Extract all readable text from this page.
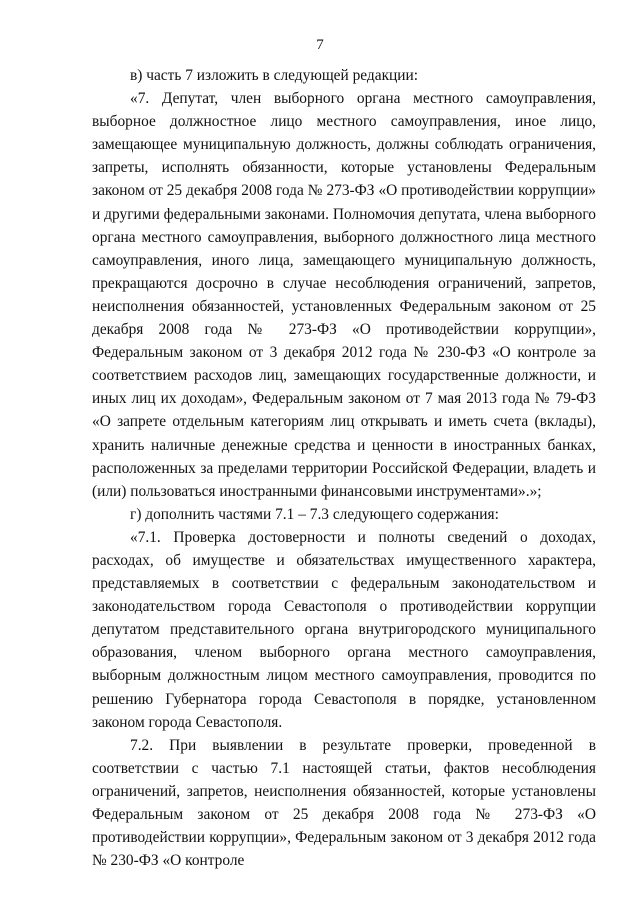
7

в) часть 7 изложить в следующей редакции:

«7. Депутат, член выборного органа местного самоуправления, выборное должностное лицо местного самоуправления, иное лицо, замещающее муниципальную должность, должны соблюдать ограничения, запреты, исполнять обязанности, которые установлены Федеральным законом от 25 декабря 2008 года № 273-ФЗ «О противодействии коррупции» и другими федеральными законами. Полномочия депутата, члена выборного органа местного самоуправления, выборного должностного лица местного самоуправления, иного лица, замещающего муниципальную должность, прекращаются досрочно в случае несоблюдения ограничений, запретов, неисполнения обязанностей, установленных Федеральным законом от 25 декабря 2008 года № 273-ФЗ «О противодействии коррупции», Федеральным законом от 3 декабря 2012 года № 230-ФЗ «О контроле за соответствием расходов лиц, замещающих государственные должности, и иных лиц их доходам», Федеральным законом от 7 мая 2013 года № 79-ФЗ «О запрете отдельным категориям лиц открывать и иметь счета (вклады), хранить наличные денежные средства и ценности в иностранных банках, расположенных за пределами территории Российской Федерации, владеть и (или) пользоваться иностранными финансовыми инструментами».»;

г) дополнить частями 7.1 – 7.3 следующего содержания:

«7.1. Проверка достоверности и полноты сведений о доходах, расходах, об имуществе и обязательствах имущественного характера, представляемых в соответствии с федеральным законодательством и законодательством города Севастополя о противодействии коррупции депутатом представительного органа внутригородского муниципального образования, членом выборного органа местного самоуправления, выборным должностным лицом местного самоуправления, проводится по решению Губернатора города Севастополя в порядке, установленном законом города Севастополя.

7.2. При выявлении в результате проверки, проведенной в соответствии с частью 7.1 настоящей статьи, фактов несоблюдения ограничений, запретов, неисполнения обязанностей, которые установлены Федеральным законом от 25 декабря 2008 года № 273-ФЗ «О противодействии коррупции», Федеральным законом от 3 декабря 2012 года № 230-ФЗ «О контроле
